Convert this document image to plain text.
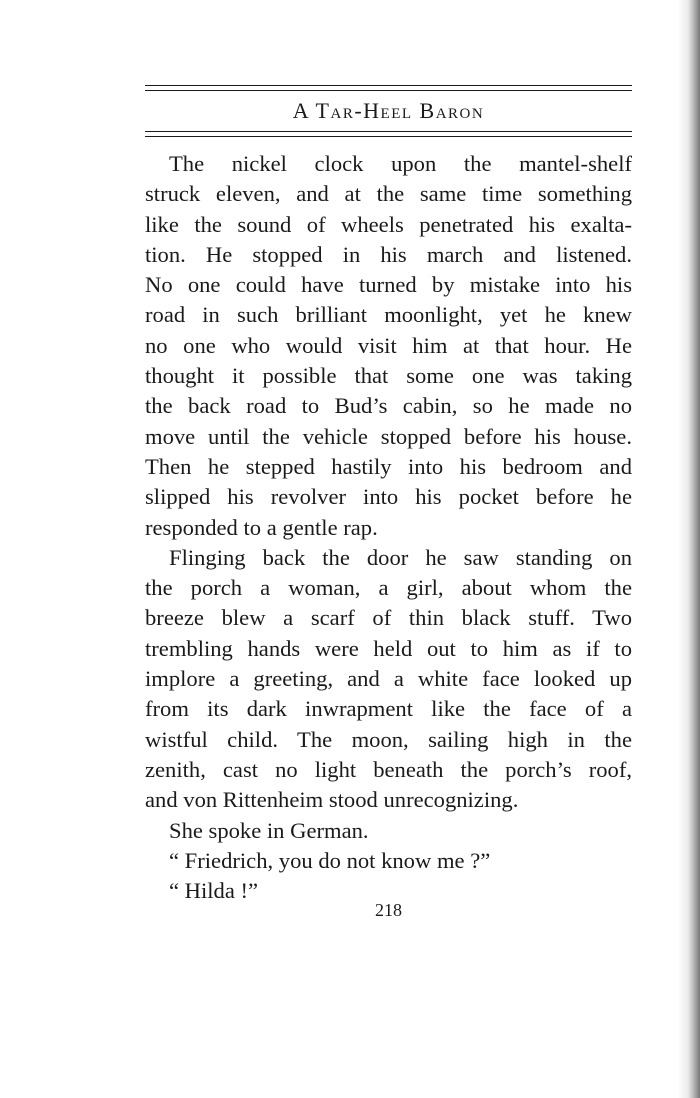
A Tar-Heel Baron
The nickel clock upon the mantel-shelf
struck eleven, and at the same time something
like the sound of wheels penetrated his exalta-
tion. He stopped in his march and listened.
No one could have turned by mistake into his
road in such brilliant moonlight, yet he knew
no one who would visit him at that hour. He
thought it possible that some one was taking
the back road to Bud’s cabin, so he made no
move until the vehicle stopped before his house.
Then he stepped hastily into his bedroom and
slipped his revolver into his pocket before he
responded to a gentle rap.
Flinging back the door he saw standing on
the porch a woman, a girl, about whom the
breeze blew a scarf of thin black stuff. Two
trembling hands were held out to him as if to
implore a greeting, and a white face looked up
from its dark inwrapment like the face of a
wistful child. The moon, sailing high in the
zenith, cast no light beneath the porch’s roof,
and von Rittenheim stood unrecognizing.
She spoke in German.
“ Friedrich, you do not know me ?”
“ Hilda !”
218
